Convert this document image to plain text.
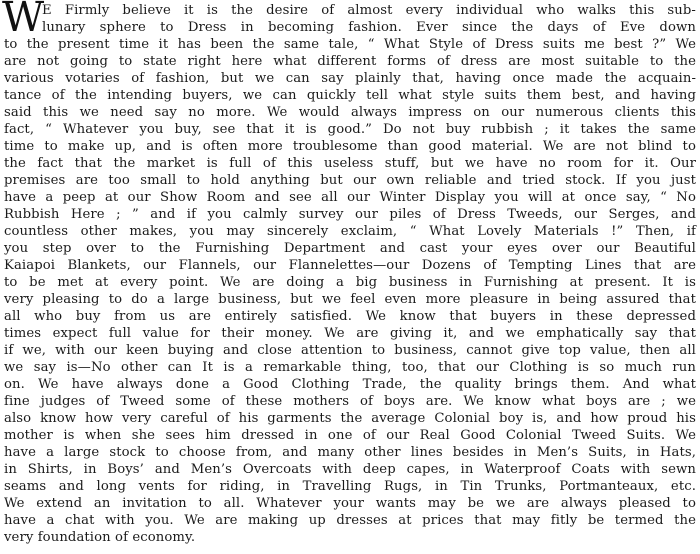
W
E Firmly believe it is the desire of almost every individual who walks this sub-
lunary sphere to Dress in becoming fashion. Ever since the days of Eve down
to the present time it has been the same tale, “ What Style of Dress suits me best ?” We
are not going to state right here what different forms of dress are most suitable to the
various votaries of fashion, but we can say plainly that, having once made the acquain-
tance of the intending buyers, we can quickly tell what style suits them best, and having
said this we need say no more. We would always impress on our numerous clients this
fact, “ Whatever you buy, see that it is good.” Do not buy rubbish ; it takes the same
time to make up, and is often more troublesome than good material. We are not blind to
the fact that the market is full of this useless stuff, but we have no room for it. Our
premises are too small to hold anything but our own reliable and tried stock. If you just
have a peep at our Show Room and see all our Winter Display you will at once say, “ No
Rubbish Here ; ” and if you calmly survey our piles of Dress Tweeds, our Serges, and
countless other makes, you may sincerely exclaim, “ What Lovely Materials !” Then, if
you step over to the Furnishing Department and cast your eyes over our Beautiful
Kaiapoi Blankets, our Flannels, our Flannelettes—our Dozens of Tempting Lines that are
to be met at every point. We are doing a big business in Furnishing at present. It is
very pleasing to do a large business, but we feel even more pleasure in being assured that
all who buy from us are entirely satisfied. We know that buyers in these depressed
times expect full value for their money. We are giving it, and we emphatically say that
if we, with our keen buying and close attention to business, cannot give top value, then all
we say is—No other can It is a remarkable thing, too, that our Clothing is so much run
on. We have always done a Good Clothing Trade, the quality brings them. And what
fine judges of Tweed some of these mothers of boys are. We know what boys are ; we
also know how very careful of his garments the average Colonial boy is, and how proud his
mother is when she sees him dressed in one of our Real Good Colonial Tweed Suits. We
have a large stock to choose from, and many other lines besides in Men’s Suits, in Hats,
in Shirts, in Boys’ and Men’s Overcoats with deep capes, in Waterproof Coats with sewn
seams and long vents for riding, in Travelling Rugs, in Tin Trunks, Portmanteaux, etc.
We extend an invitation to all. Whatever your wants may be we are always pleased to
have a chat with you. We are making up dresses at prices that may fitly be termed the
very foundation of economy.
